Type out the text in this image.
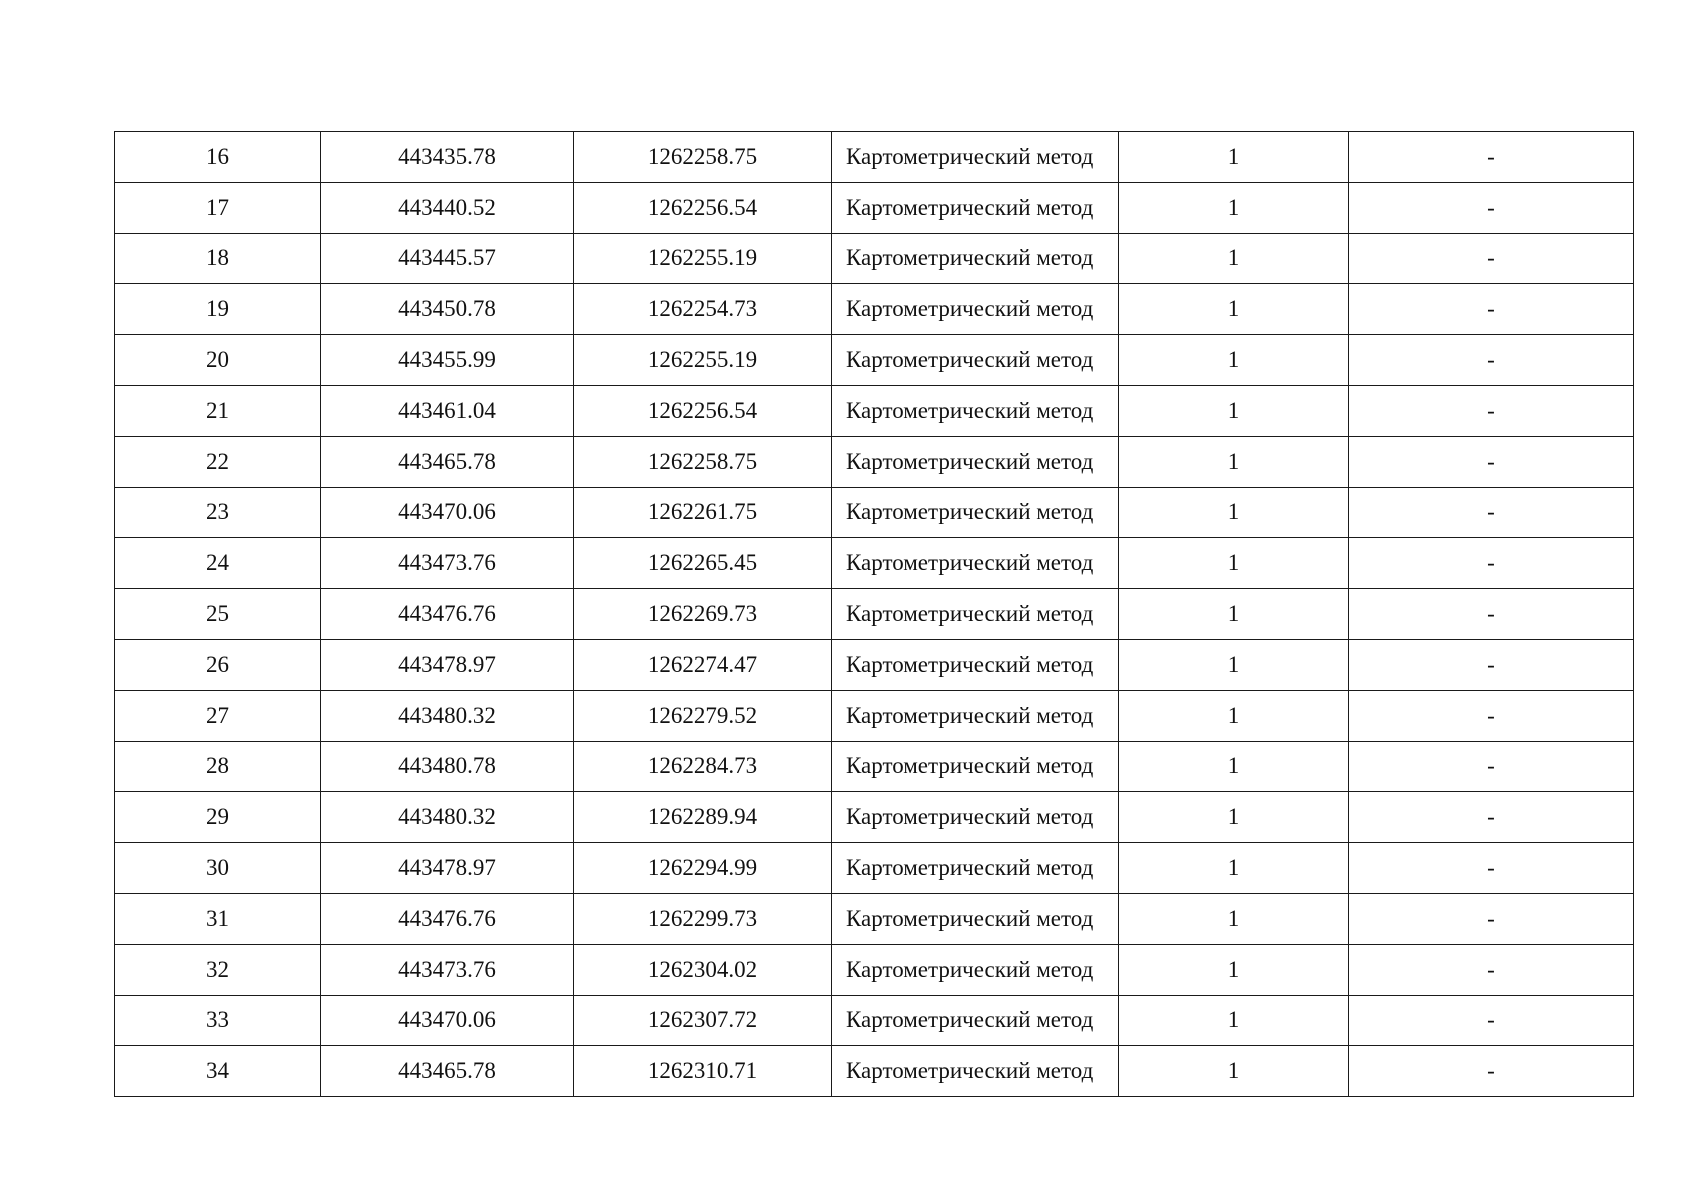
16	443435.78	1262258.75	Картометрический метод	1	-
17	443440.52	1262256.54	Картометрический метод	1	-
18	443445.57	1262255.19	Картометрический метод	1	-
19	443450.78	1262254.73	Картометрический метод	1	-
20	443455.99	1262255.19	Картометрический метод	1	-
21	443461.04	1262256.54	Картометрический метод	1	-
22	443465.78	1262258.75	Картометрический метод	1	-
23	443470.06	1262261.75	Картометрический метод	1	-
24	443473.76	1262265.45	Картометрический метод	1	-
25	443476.76	1262269.73	Картометрический метод	1	-
26	443478.97	1262274.47	Картометрический метод	1	-
27	443480.32	1262279.52	Картометрический метод	1	-
28	443480.78	1262284.73	Картометрический метод	1	-
29	443480.32	1262289.94	Картометрический метод	1	-
30	443478.97	1262294.99	Картометрический метод	1	-
31	443476.76	1262299.73	Картометрический метод	1	-
32	443473.76	1262304.02	Картометрический метод	1	-
33	443470.06	1262307.72	Картометрический метод	1	-
34	443465.78	1262310.71	Картометрический метод	1	-
